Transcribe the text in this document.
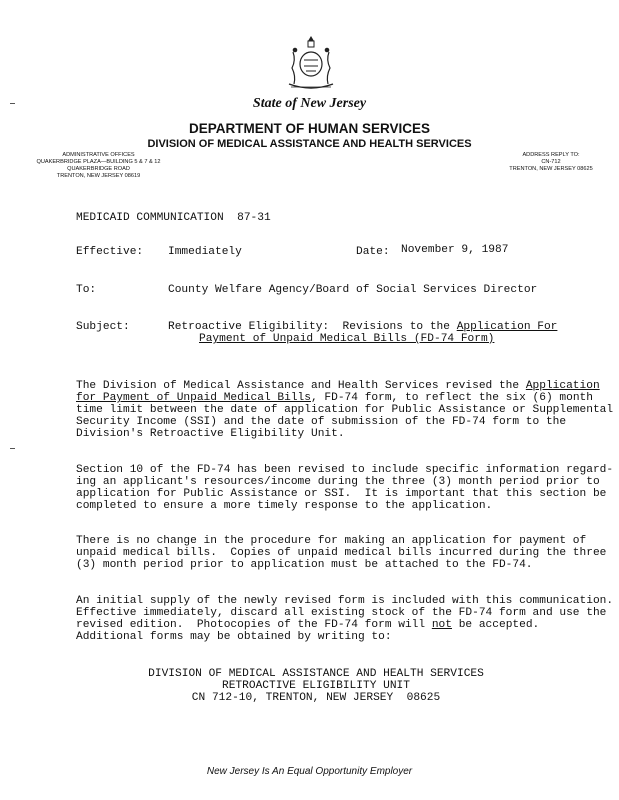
State of New Jersey
DEPARTMENT OF HUMAN SERVICES
DIVISION OF MEDICAL ASSISTANCE AND HEALTH SERVICES
ADMINISTRATIVE OFFICES
QUAKERBRIDGE PLAZA—BUILDING 5 & 7 & 12
QUAKERBRIDGE ROAD
TRENTON, NEW JERSEY 08619
ADDRESS REPLY TO:
CN-712
TRENTON, NEW JERSEY 08625
MEDICAID COMMUNICATION  87-31
Effective: Immediately	Date: November 9, 1987
To:	County Welfare Agency/Board of Social Services Director
Subject:	Retroactive Eligibility:  Revisions to the Application For
Payment of Unpaid Medical Bills (FD-74 Form)
The Division of Medical Assistance and Health Services revised the Application
for Payment of Unpaid Medical Bills, FD-74 form, to reflect the six (6) month
time limit between the date of application for Public Assistance or Supplemental
Security Income (SSI) and the date of submission of the FD-74 form to the
Division's Retroactive Eligibility Unit.
Section 10 of the FD-74 has been revised to include specific information regard-
ing an applicant's resources/income during the three (3) month period prior to
application for Public Assistance or SSI.  It is important that this section be
completed to ensure a more timely response to the application.
There is no change in the procedure for making an application for payment of
unpaid medical bills.  Copies of unpaid medical bills incurred during the three
(3) month period prior to application must be attached to the FD-74.
An initial supply of the newly revised form is included with this communication.
Effective immediately, discard all existing stock of the FD-74 form and use the
revised edition.  Photocopies of the FD-74 form will not be accepted.
Additional forms may be obtained by writing to:
DIVISION OF MEDICAL ASSISTANCE AND HEALTH SERVICES
RETROACTIVE ELIGIBILITY UNIT
CN 712-10, TRENTON, NEW JERSEY  08625
New Jersey Is An Equal Opportunity Employer
